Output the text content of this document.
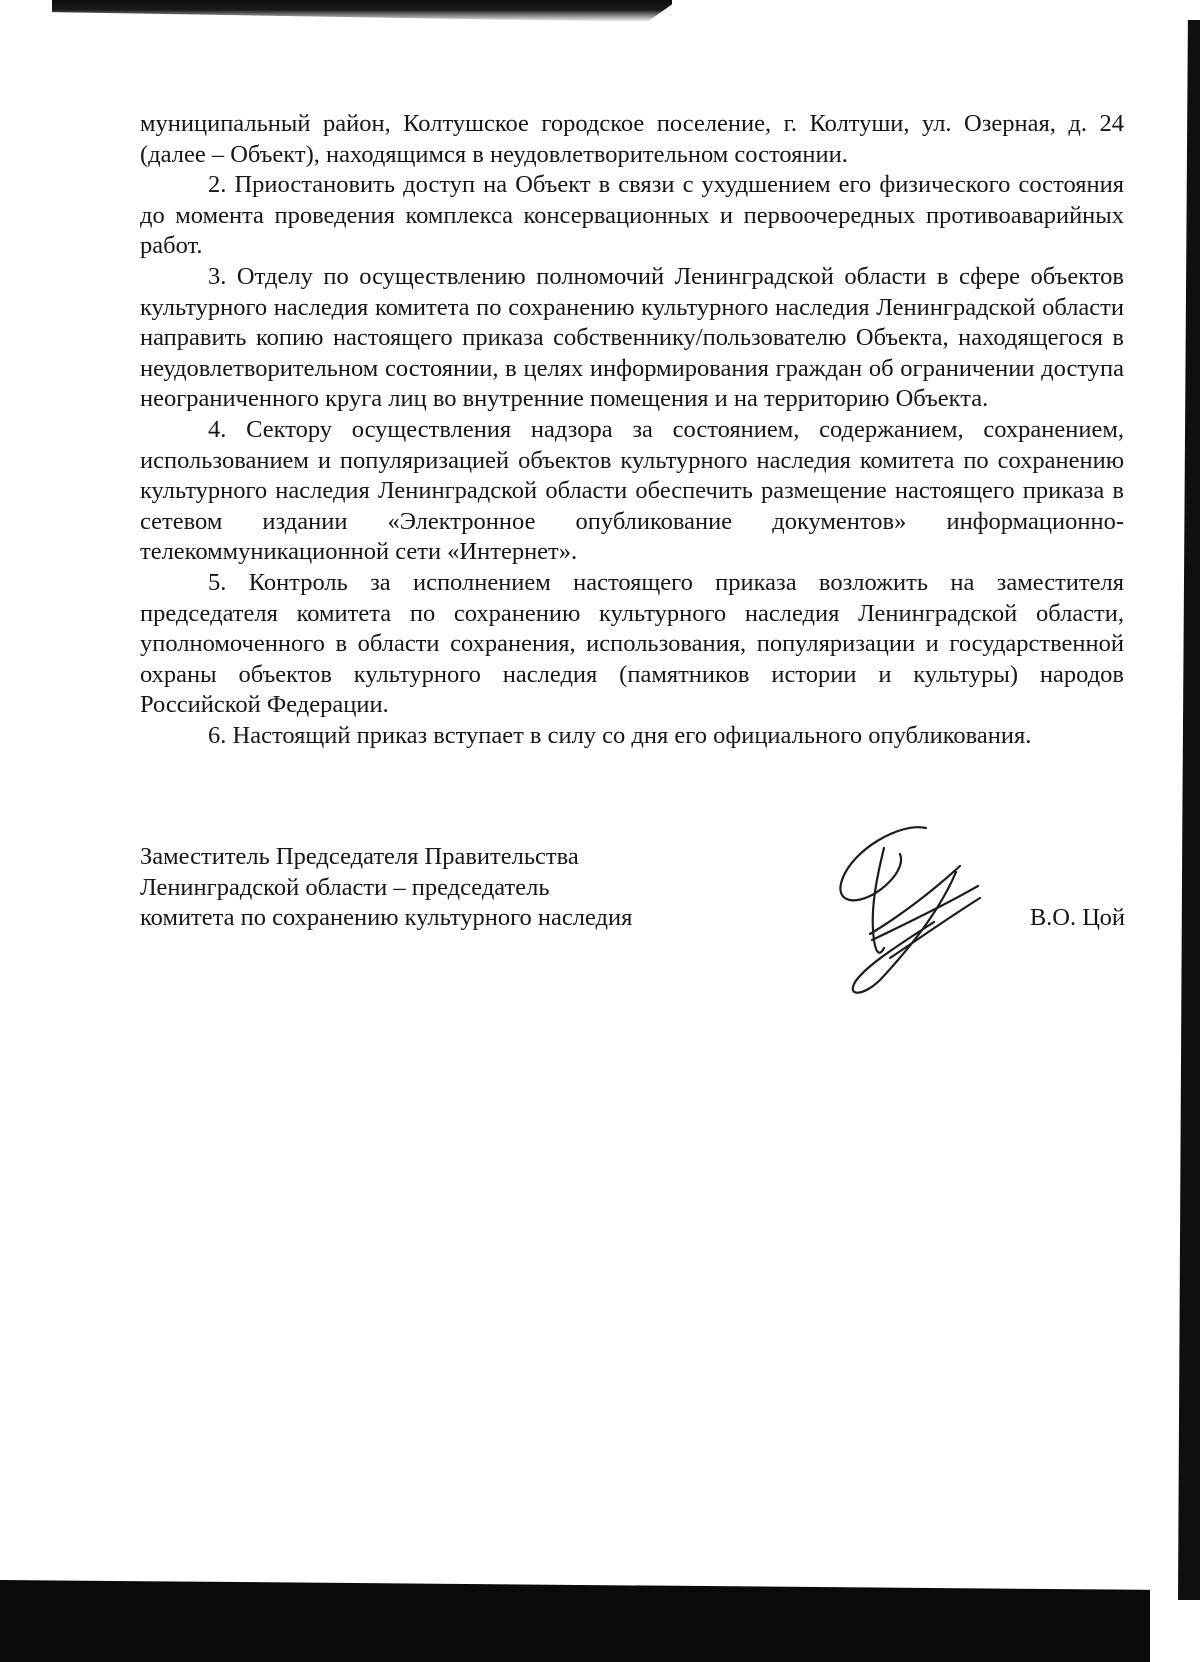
муниципальный район, Колтушское городское поселение, г. Колтуши, ул. Озерная, д. 24 (далее – Объект), находящимся в неудовлетворительном состоянии.

2. Приостановить доступ на Объект в связи с ухудшением его физического состояния до момента проведения комплекса консервационных и первоочередных противоаварийных работ.

3. Отделу по осуществлению полномочий Ленинградской области в сфере объектов культурного наследия комитета по сохранению культурного наследия Ленинградской области направить копию настоящего приказа собственнику/пользователю Объекта, находящегося в неудовлетворительном состоянии, в целях информирования граждан об ограничении доступа неограниченного круга лиц во внутренние помещения и на территорию Объекта.

4. Сектору осуществления надзора за состоянием, содержанием, сохранением, использованием и популяризацией объектов культурного наследия комитета по сохранению культурного наследия Ленинградской области обеспечить размещение настоящего приказа в сетевом издании «Электронное опубликование документов» информационно-телекоммуникационной сети «Интернет».

5. Контроль за исполнением настоящего приказа возложить на заместителя председателя комитета по сохранению культурного наследия Ленинградской области, уполномоченного в области сохранения, использования, популяризации и государственной охраны объектов культурного наследия (памятников истории и культуры) народов Российской Федерации.

6. Настоящий приказ вступает в силу со дня его официального опубликования.

Заместитель Председателя Правительства
Ленинградской области – председатель
комитета по сохранению культурного наследия	В.О. Цой
